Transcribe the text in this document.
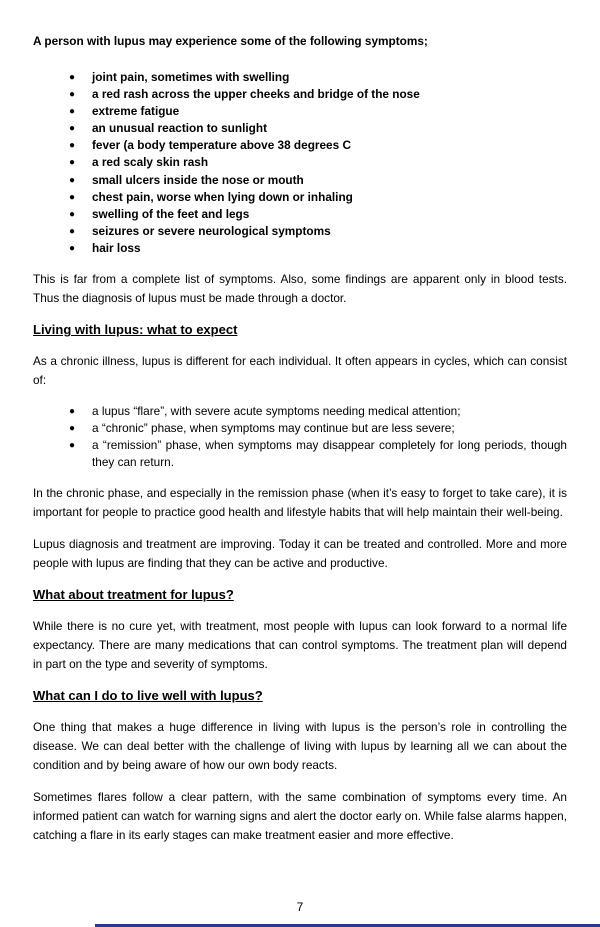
A person with lupus may experience some of the following symptoms;

●	joint pain, sometimes with swelling
●	a red rash across the upper cheeks and bridge of the nose
●	extreme fatigue
●	an unusual reaction to sunlight
●	fever (a body temperature above 38 degrees C
●	a red scaly skin rash
●	small ulcers inside the nose or mouth
●	chest pain, worse when lying down or inhaling
●	swelling of the feet and legs
●	seizures or severe neurological symptoms
●	hair loss

This is far from a complete list of symptoms. Also, some findings are apparent only in blood tests. Thus the diagnosis of lupus must be made through a doctor.

Living with lupus: what to expect

As a chronic illness, lupus is different for each individual. It often appears in cycles, which can consist of:

●	a lupus “flare”, with severe acute symptoms needing medical attention;
●	a “chronic” phase, when symptoms may continue but are less severe;
●	a “remission” phase, when symptoms may disappear completely for long periods, though they can return.

In the chronic phase, and especially in the remission phase (when it’s easy to forget to take care), it is important for people to practice good health and lifestyle habits that will help maintain their well-being.

Lupus diagnosis and treatment are improving. Today it can be treated and controlled. More and more people with lupus are finding that they can be active and productive.

What about treatment for lupus?

While there is no cure yet, with treatment, most people with lupus can look forward to a normal life expectancy. There are many medications that can control symptoms. The treatment plan will depend in part on the type and severity of symptoms.

What can I do to live well with lupus?

One thing that makes a huge difference in living with lupus is the person’s role in controlling the disease. We can deal better with the challenge of living with lupus by learning all we can about the condition and by being aware of how our own body reacts.

Sometimes flares follow a clear pattern, with the same combination of symptoms every time. An informed patient can watch for warning signs and alert the doctor early on. While false alarms happen, catching a flare in its early stages can make treatment easier and more effective.

7
